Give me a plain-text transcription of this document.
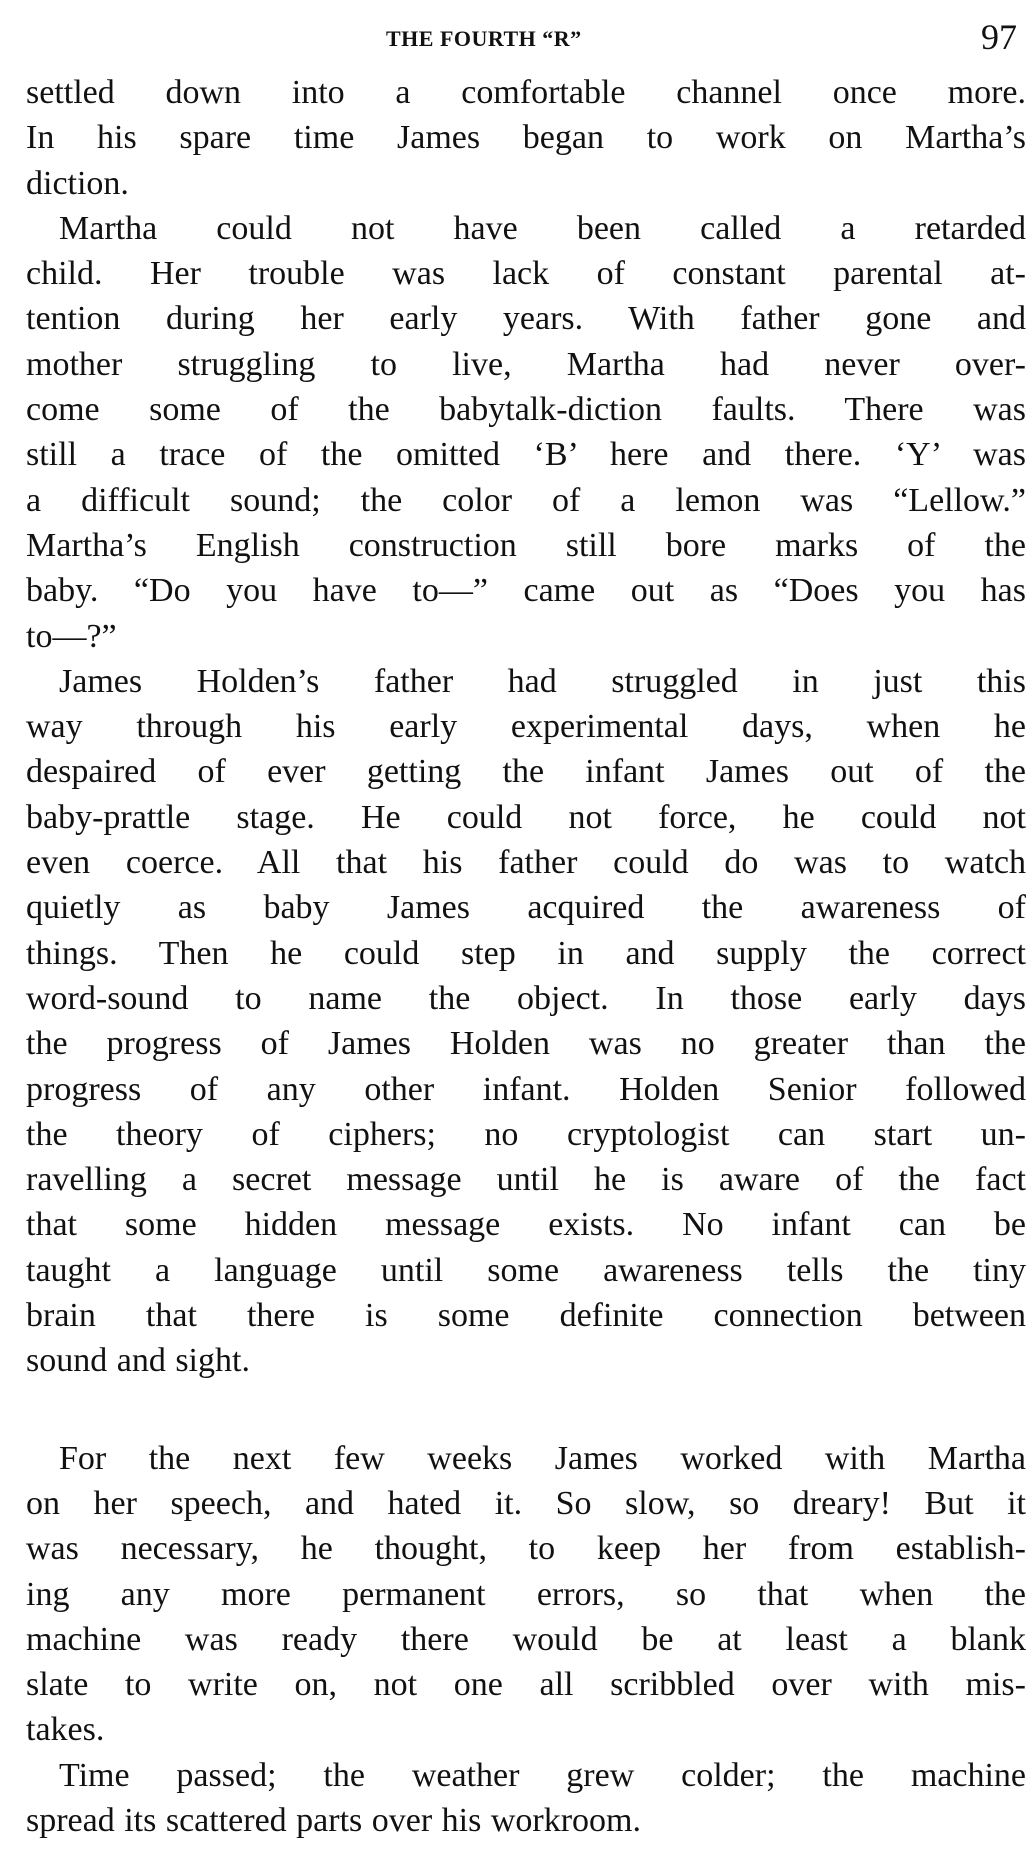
THE FOURTH “R”	97

settled down into a comfortable channel once more.
In his spare time James began to work on Martha’s
diction.

Martha could not have been called a retarded
child. Her trouble was lack of constant parental at-
tention during her early years. With father gone and
mother struggling to live, Martha had never over-
come some of the babytalk-diction faults. There was
still a trace of the omitted ‘B’ here and there. ‘Y’ was
a difficult sound; the color of a lemon was “Lellow.”
Martha’s English construction still bore marks of the
baby. “Do you have to—” came out as “Does you has
to—?”

James Holden’s father had struggled in just this
way through his early experimental days, when he
despaired of ever getting the infant James out of the
baby-prattle stage. He could not force, he could not
even coerce. All that his father could do was to watch
quietly as baby James acquired the awareness of
things. Then he could step in and supply the correct
word-sound to name the object. In those early days
the progress of James Holden was no greater than the
progress of any other infant. Holden Senior followed
the theory of ciphers; no cryptologist can start un-
ravelling a secret message until he is aware of the fact
that some hidden message exists. No infant can be
taught a language until some awareness tells the tiny
brain that there is some definite connection between
sound and sight.

For the next few weeks James worked with Martha
on her speech, and hated it. So slow, so dreary! But it
was necessary, he thought, to keep her from establish-
ing any more permanent errors, so that when the
machine was ready there would be at least a blank
slate to write on, not one all scribbled over with mis-
takes.

Time passed; the weather grew colder; the machine
spread its scattered parts over his workroom.
